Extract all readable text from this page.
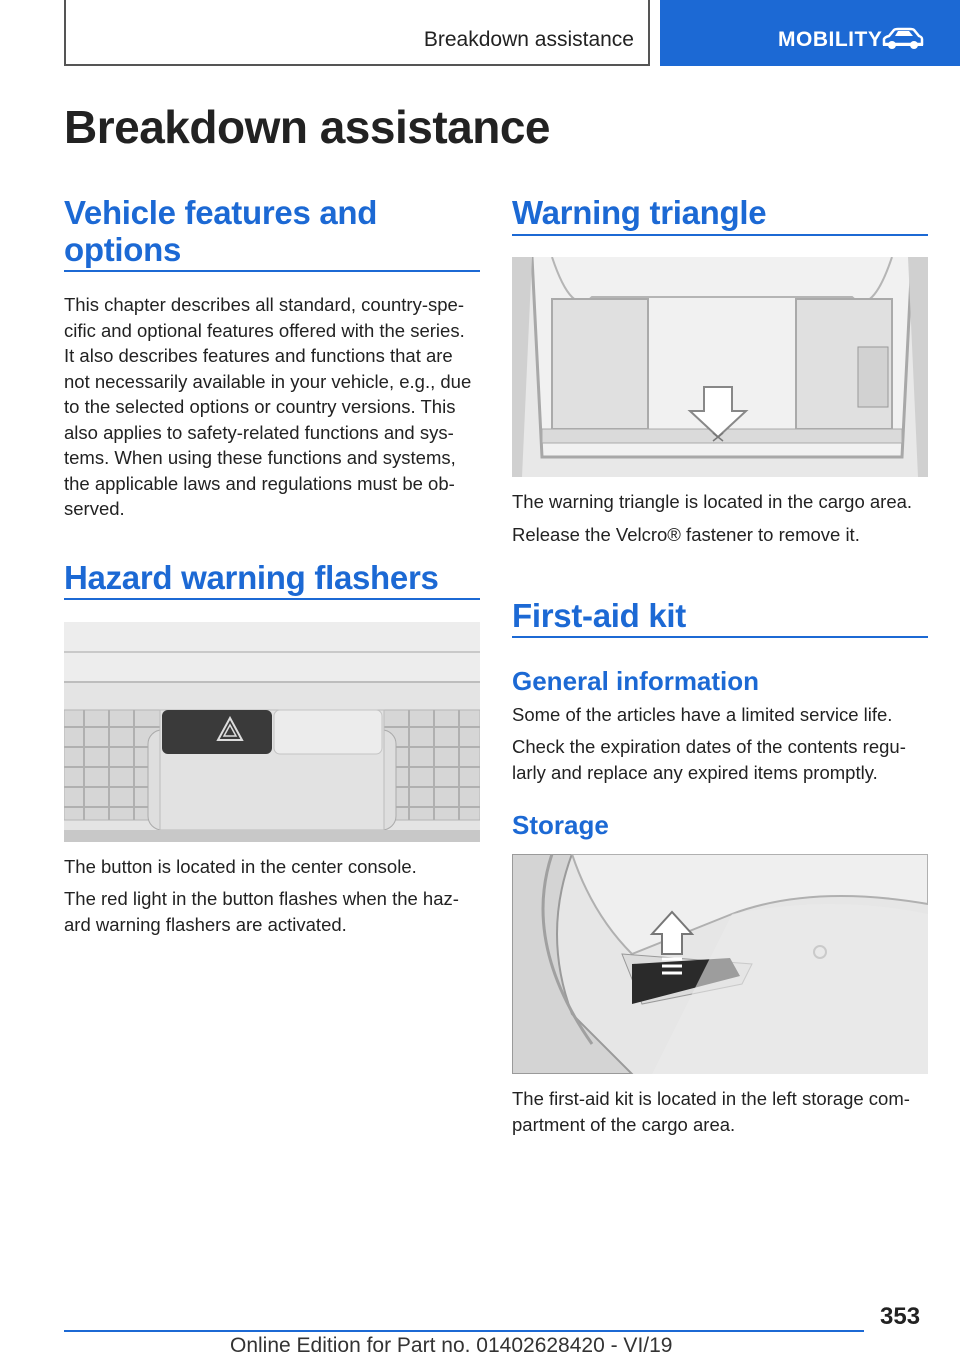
Breakdown assistance	MOBILITY
Breakdown assistance
Vehicle features and
options
This chapter describes all standard, country-spe‐
cific and optional features offered with the series.
It also describes features and functions that are
not necessarily available in your vehicle, e.g., due
to the selected options or country versions. This
also applies to safety-related functions and sys‐
tems. When using these functions and systems,
the applicable laws and regulations must be ob‐
served.
Hazard warning flashers
The button is located in the center console.
The red light in the button flashes when the haz‐
ard warning flashers are activated.
Warning triangle
The warning triangle is located in the cargo area.
Release the Velcro® fastener to remove it.
First-aid kit
General information
Some of the articles have a limited service life.
Check the expiration dates of the contents regu‐
larly and replace any expired items promptly.
Storage
The first-aid kit is located in the left storage com‐
partment of the cargo area.
353
Online Edition for Part no. 01402628420 - VI/19
